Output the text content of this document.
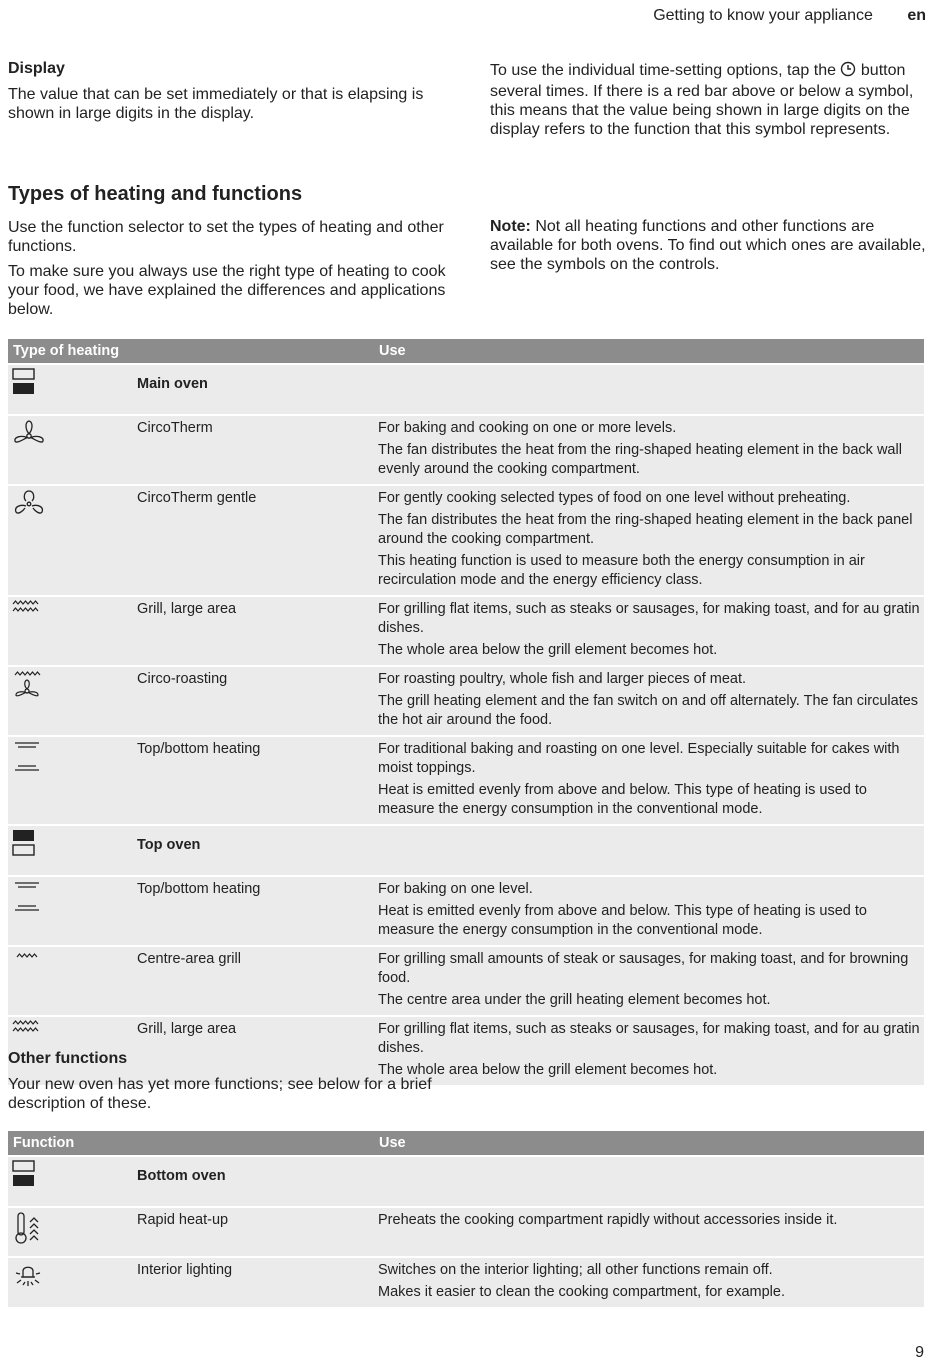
Getting to know your appliance en
Display

The value that can be set immediately or that is elapsing is shown in large digits in the display.

To use the individual time-setting options, tap the button several times. If there is a red bar above or below a symbol, this means that the value being shown in large digits on the display refers to the function that this symbol represents.

Types of heating and functions

Use the function selector to set the types of heating and other functions.

To make sure you always use the right type of heating to cook your food, we have explained the differences and applications below.

Note: Not all heating functions and other functions are available for both ovens. To find out which ones are available, see the symbols on the controls.

Type of heating		Use

	Main oven	

	CircoTherm	For baking and cooking on one or more levels.

The fan distributes the heat from the ring-shaped heating element in the back wall evenly around the cooking compartment.

	CircoTherm gentle	For gently cooking selected types of food on one level without preheating.

The fan distributes the heat from the ring-shaped heating element in the back panel around the cooking compartment.

This heating function is used to measure both the energy consumption in air recirculation mode and the energy efficiency class.

	Grill, large area	For grilling flat items, such as steaks or sausages, for making toast, and for au gratin dishes.

The whole area below the grill element becomes hot.

	Circo-roasting	For roasting poultry, whole fish and larger pieces of meat.

The grill heating element and the fan switch on and off alternately. The fan circulates the hot air around the food.

	Top/bottom heating	For traditional baking and roasting on one level. Especially suitable for cakes with moist toppings.

Heat is emitted evenly from above and below. This type of heating is used to measure the energy consumption in the conventional mode.

	Top oven	

	Top/bottom heating	For baking on one level.

Heat is emitted evenly from above and below. This type of heating is used to measure the energy consumption in the conventional mode.

	Centre-area grill	For grilling small amounts of steak or sausages, for making toast, and for browning food.

The centre area under the grill heating element becomes hot.

	Grill, large area	For grilling flat items, such as steaks or sausages, for making toast, and for au gratin dishes.

The whole area below the grill element becomes hot.

Other functions

Your new oven has yet more functions; see below for a brief description of these.

Function		Use

	Bottom oven	

	Rapid heat-up	Preheats the cooking compartment rapidly without accessories inside it.

	Interior lighting	Switches on the interior lighting; all other functions remain off.

Makes it easier to clean the cooking compartment, for example.

9
